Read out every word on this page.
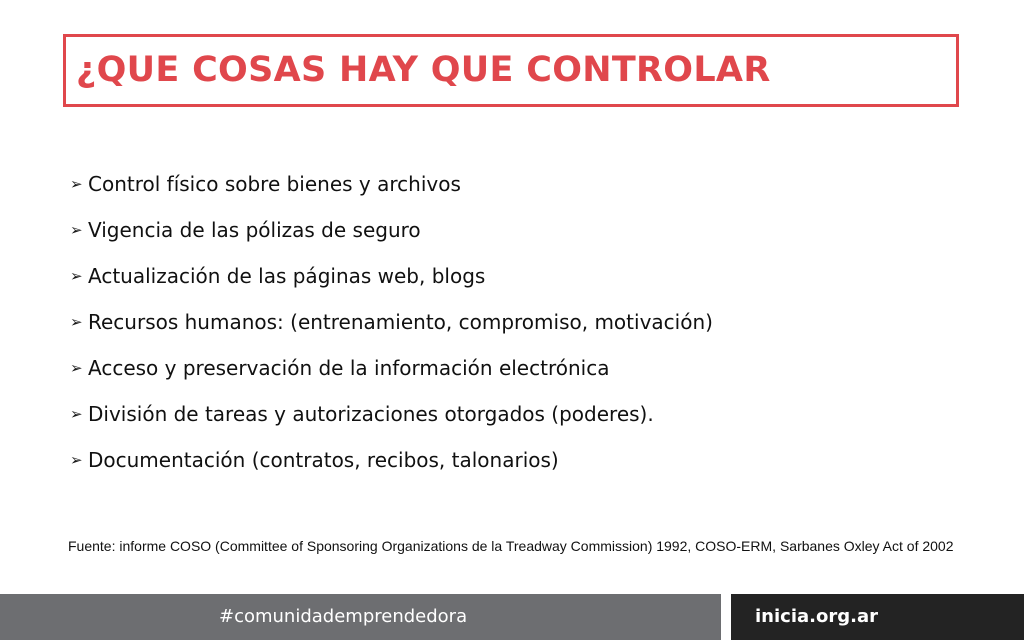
¿QUE COSAS HAY QUE CONTROLAR
➢ Control físico sobre bienes y archivos
➢ Vigencia de las pólizas de seguro
➢ Actualización de las páginas web, blogs
➢ Recursos humanos: (entrenamiento, compromiso, motivación)
➢ Acceso y preservación de la información electrónica
➢ División de tareas y autorizaciones otorgados (poderes).
➢ Documentación (contratos, recibos, talonarios)

Fuente: informe COSO (Committee of Sponsoring Organizations de la Treadway Commission) 1992, COSO-ERM, Sarbanes Oxley Act of 2002

#comunidademprendedora	inicia.org.ar
